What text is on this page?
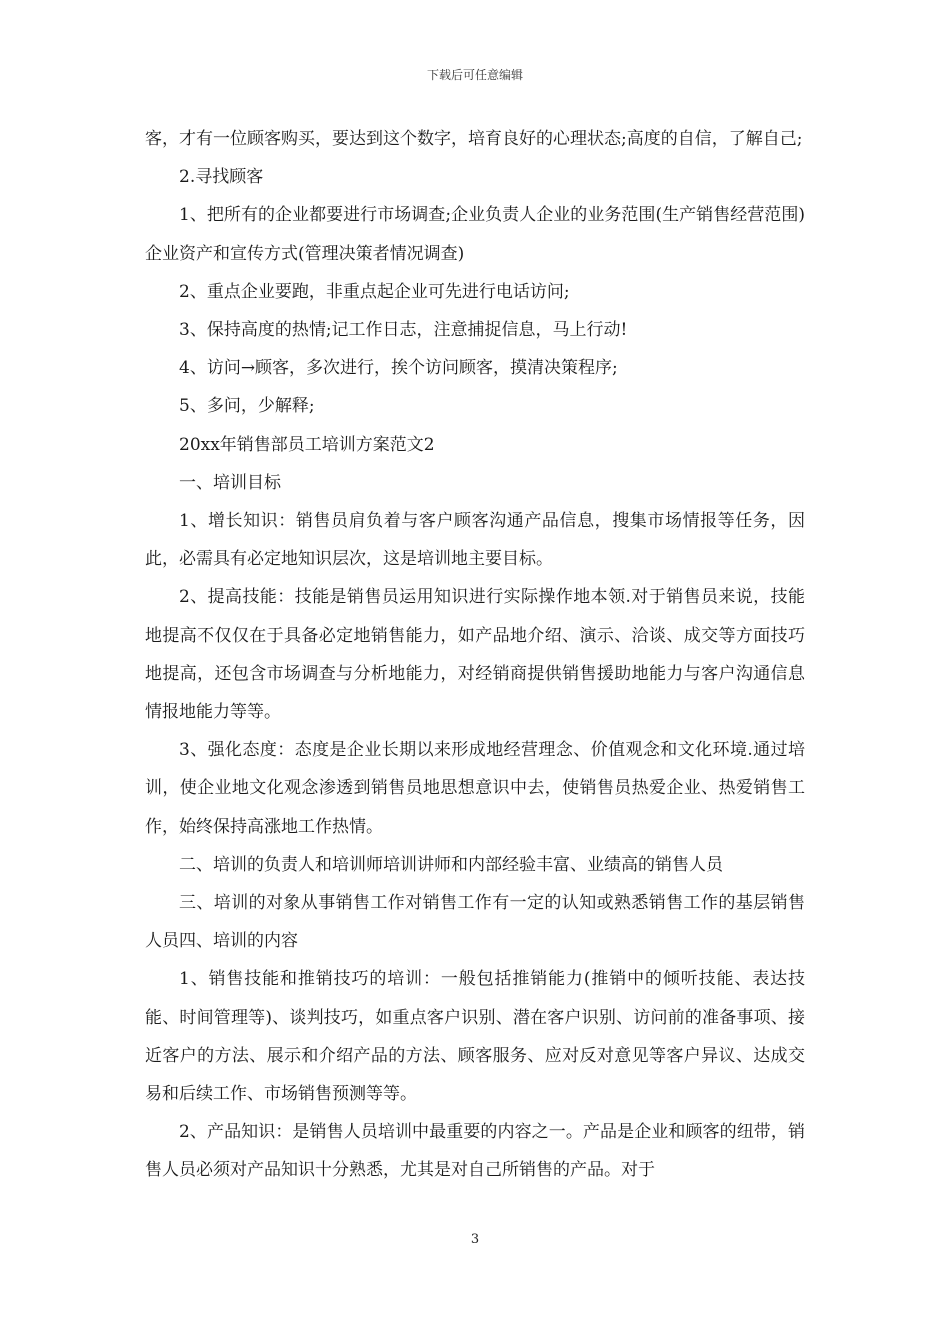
下载后可任意编辑

客，才有一位顾客购买，要达到这个数字，培育良好的心理状态;高度的自信，了解自己;

2.寻找顾客

1、把所有的企业都要进行市场调查;企业负责人企业的业务范围(生产销售经营范围)企业资产和宣传方式(管理决策者情况调查)

2、重点企业要跑，非重点起企业可先进行电话访问;

3、保持高度的热情;记工作日志，注意捕捉信息，马上行动!

4、访问→顾客，多次进行，挨个访问顾客，摸清决策程序;

5、多问，少解释;

20xx年销售部员工培训方案范文2

一、培训目标

1、增长知识：销售员肩负着与客户顾客沟通产品信息，搜集市场情报等任务，因此，必需具有必定地知识层次，这是培训地主要目标。

2、提高技能：技能是销售员运用知识进行实际操作地本领.对于销售员来说，技能地提高不仅仅在于具备必定地销售能力，如产品地介绍、演示、洽谈、成交等方面技巧地提高，还包含市场调查与分析地能力，对经销商提供销售援助地能力与客户沟通信息情报地能力等等。

3、强化态度：态度是企业长期以来形成地经营理念、价值观念和文化环境.通过培训，使企业地文化观念渗透到销售员地思想意识中去，使销售员热爱企业、热爱销售工作，始终保持高涨地工作热情。

二、培训的负责人和培训师培训讲师和内部经验丰富、业绩高的销售人员

三、培训的对象从事销售工作对销售工作有一定的认知或熟悉销售工作的基层销售人员四、培训的内容

1、销售技能和推销技巧的培训：一般包括推销能力(推销中的倾听技能、表达技能、时间管理等)、谈判技巧，如重点客户识别、潜在客户识别、访问前的准备事项、接近客户的方法、展示和介绍产品的方法、顾客服务、应对反对意见等客户异议、达成交易和后续工作、市场销售预测等等。

2、产品知识：是销售人员培训中最重要的内容之一。产品是企业和顾客的纽带，销售人员必须对产品知识十分熟悉，尤其是对自己所销售的产品。对于

3
